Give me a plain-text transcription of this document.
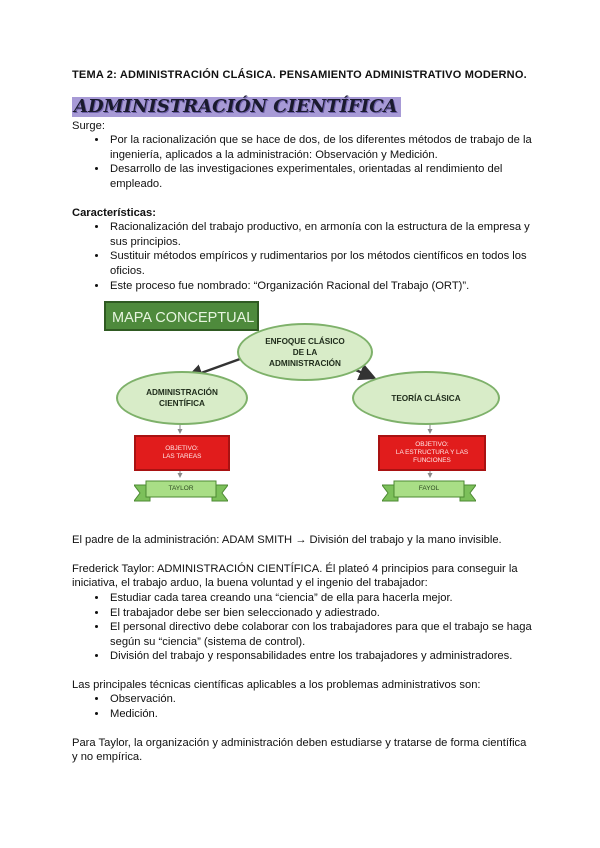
TEMA 2: ADMINISTRACIÓN CLÁSICA. PENSAMIENTO ADMINISTRATIVO MODERNO.

ADMINISTRACIÓN CIENTÍFICA

Surge:

• Por la racionalización que se hace de dos, de los diferentes métodos de trabajo de la ingeniería, aplicados a la administración: Observación y Medición.
• Desarrollo de las investigaciones experimentales, orientadas al rendimiento del empleado.

Características:

• Racionalización del trabajo productivo, en armonía con la estructura de la empresa y sus principios.
• Sustituir métodos empíricos y rudimentarios por los métodos científicos en todos los oficios.
• Este proceso fue nombrado: “Organización Racional del Trabajo (ORT)”.
MAPA CONCEPTUAL
ENFOQUE CLÁSICO
DE LA
ADMINISTRACIÓN
ADMINISTRACIÓN
CIENTÍFICA
TEORÍA CLÁSICA
OBJETIVO:
LAS TAREAS
OBJETIVO:
LA ESTRUCTURA Y LAS
FUNCIONES
TAYLOR	FAYOL

El padre de la administración: ADAM SMITH → División del trabajo y la mano invisible.

Frederick Taylor: ADMINISTRACIÓN CIENTÍFICA. Él plateó 4 principios para conseguir la iniciativa, el trabajo arduo, la buena voluntad y el ingenio del trabajador:

• Estudiar cada tarea creando una “ciencia” de ella para hacerla mejor.
• El trabajador debe ser bien seleccionado y adiestrado.
• El personal directivo debe colaborar con los trabajadores para que el trabajo se haga según su “ciencia” (sistema de control).
• División del trabajo y responsabilidades entre los trabajadores y administradores.

Las principales técnicas científicas aplicables a los problemas administrativos son:

• Observación.
• Medición.

Para Taylor, la organización y administración deben estudiarse y tratarse de forma científica y no empírica.
